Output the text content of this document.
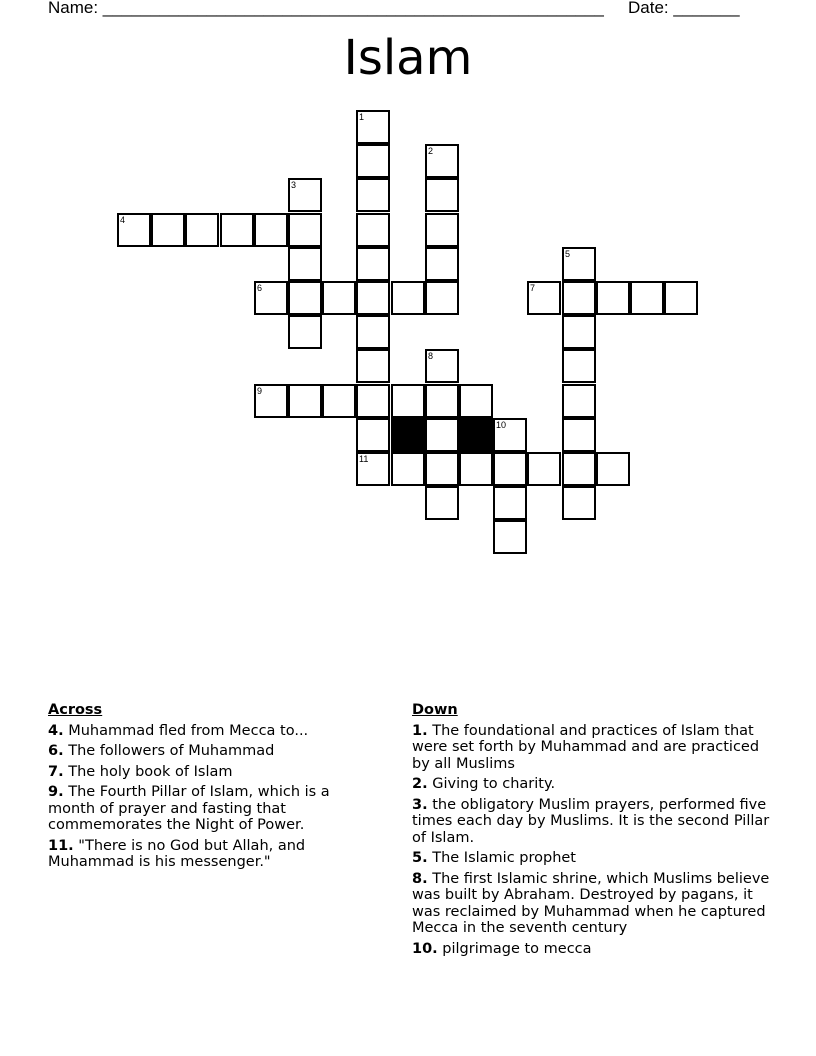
Name: _____________________________________________________ Date: _______
Islam
1
2
3
4
5
6	7
8
9
10
11
Across
4. Muhammad fled from Mecca to...
6. The followers of Muhammad
7. The holy book of Islam
9. The Fourth Pillar of Islam, which is a month of prayer and fasting that commemorates the Night of Power.
11. "There is no God but Allah, and Muhammad is his messenger."
Down
1. The foundational and practices of Islam that were set forth by Muhammad and are practiced by all Muslims
2. Giving to charity.
3. the obligatory Muslim prayers, performed five times each day by Muslims. It is the second Pillar of Islam.
5. The Islamic prophet
8. The first Islamic shrine, which Muslims believe was built by Abraham. Destroyed by pagans, it was reclaimed by Muhammad when he captured Mecca in the seventh century
10. pilgrimage to mecca
